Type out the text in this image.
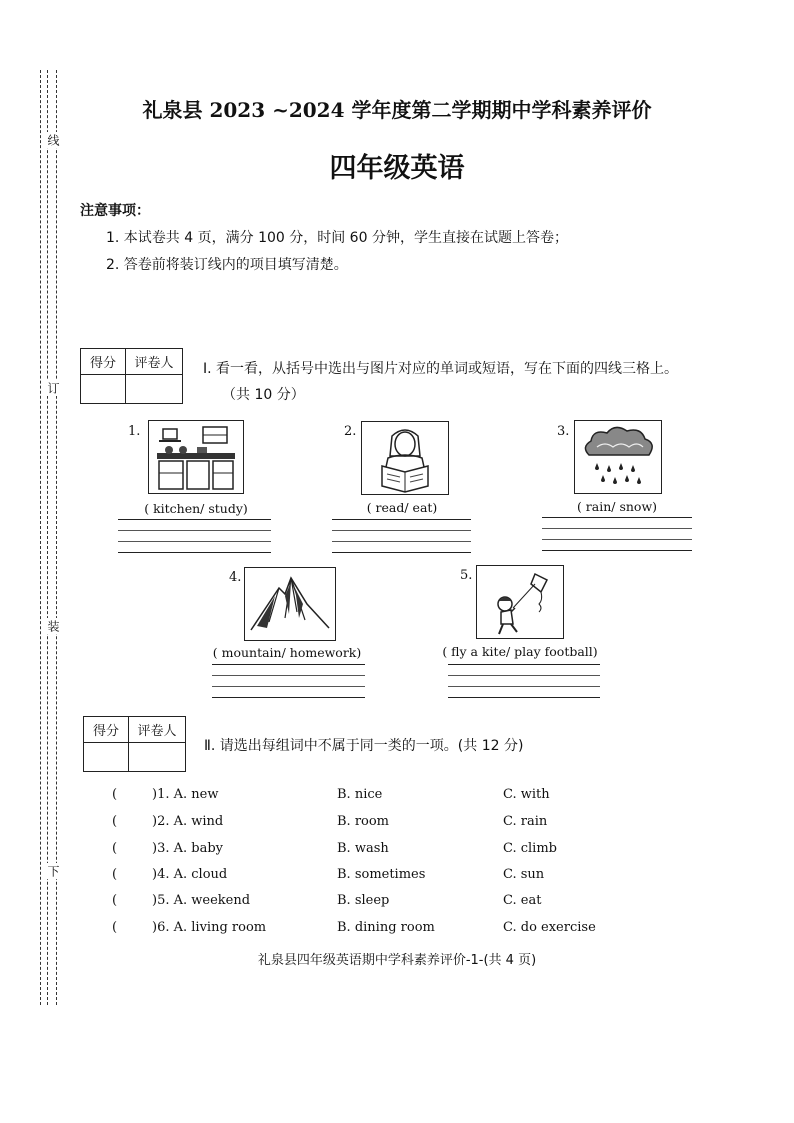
线
订
装
下
礼泉县 2023 ~2024 学年度第二学期期中学科素养评价
四年级英语
注意事项：
1. 本试卷共 4 页，满分 100 分，时间 60 分钟，学生直接在试题上答卷；
2. 答卷前将装订线内的项目填写清楚。
得分	评卷人
	Ⅰ. 看一看，从括号中选出与图片对应的单词或短语，写在下面的四线三格上。
（共 10 分）
1.
( kitchen/ study)
2.
( read/ eat)
3.
( rain/ snow)
4.
( mountain/ homework)
5.
( fly a kite/ play football)
得分	评卷人

Ⅱ. 请选出每组词中不属于同一类的一项。(共 12 分)
(	)1. A. new	B. nice	C. with
(	)2. A. wind	B. room	C. rain
(	)3. A. baby	B. wash	C. climb
(	)4. A. cloud	B. sometimes	C. sun
(	)5. A. weekend	B. sleep	C. eat
(	)6. A. living room	B. dining room	C. do exercise
礼泉县四年级英语期中学科素养评价-1-(共 4 页)
